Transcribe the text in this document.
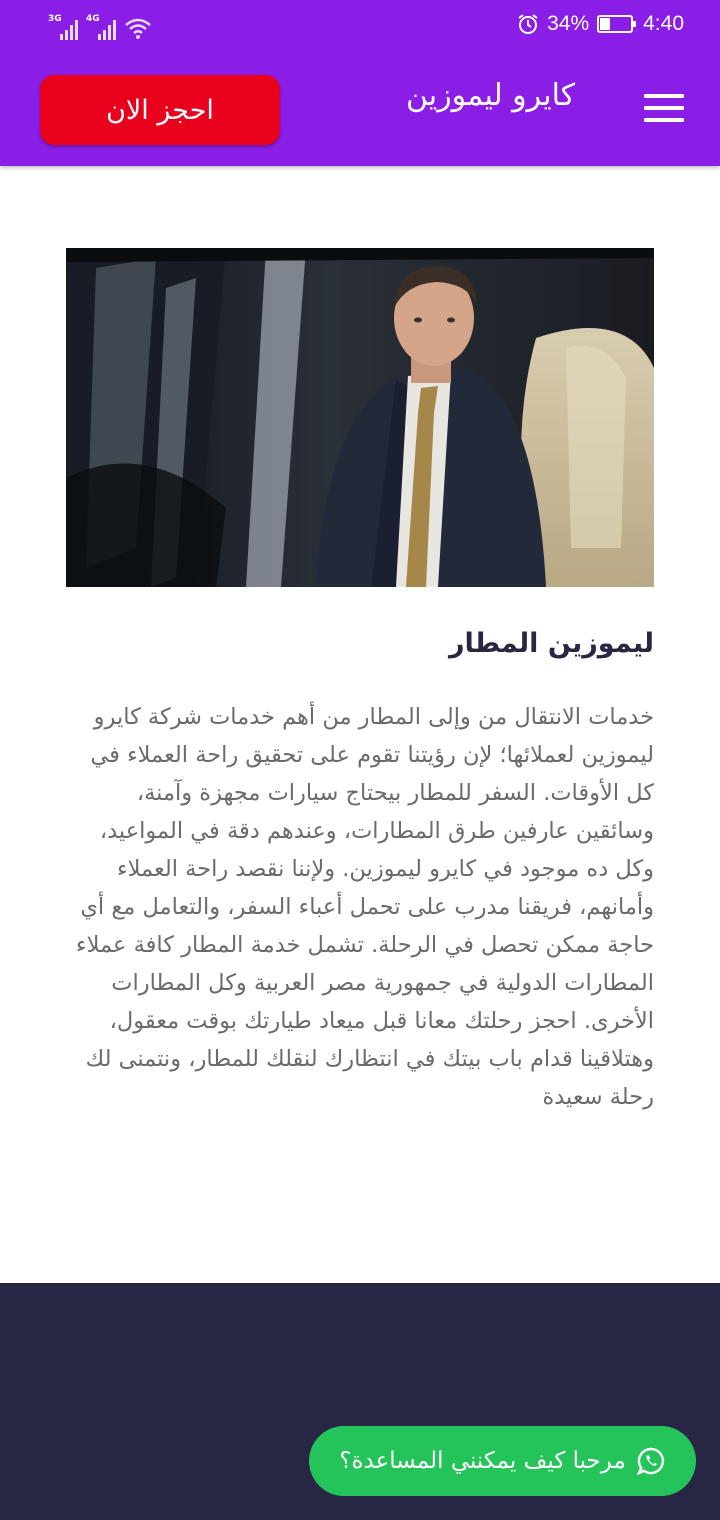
3G	4G	34%	4:40
احجز الان	كايرو ليموزين
ليموزين المطار

خدمات الانتقال من وإلى المطار من أهم خدمات شركة كايرو ليموزين لعملائها؛ لإن رؤيتنا تقوم على تحقيق راحة العملاء في كل الأوقات. السفر للمطار بيحتاج سيارات مجهزة وآمنة، وسائقين عارفين طرق المطارات، وعندهم دقة في المواعيد، وكل ده موجود في كايرو ليموزين. ولإننا نقصد راحة العملاء وأمانهم، فريقنا مدرب على تحمل أعباء السفر، والتعامل مع أي حاجة ممكن تحصل في الرحلة. تشمل خدمة المطار كافة عملاء المطارات الدولية في جمهورية مصر العربية وكل المطارات الأخرى. احجز رحلتك معانا قبل ميعاد طيارتك بوقت معقول، وهتلاقينا قدام باب بيتك في انتظارك لنقلك للمطار، ونتمنى لك رحلة سعيدة

مرحبا كيف يمكنني المساعدة؟
